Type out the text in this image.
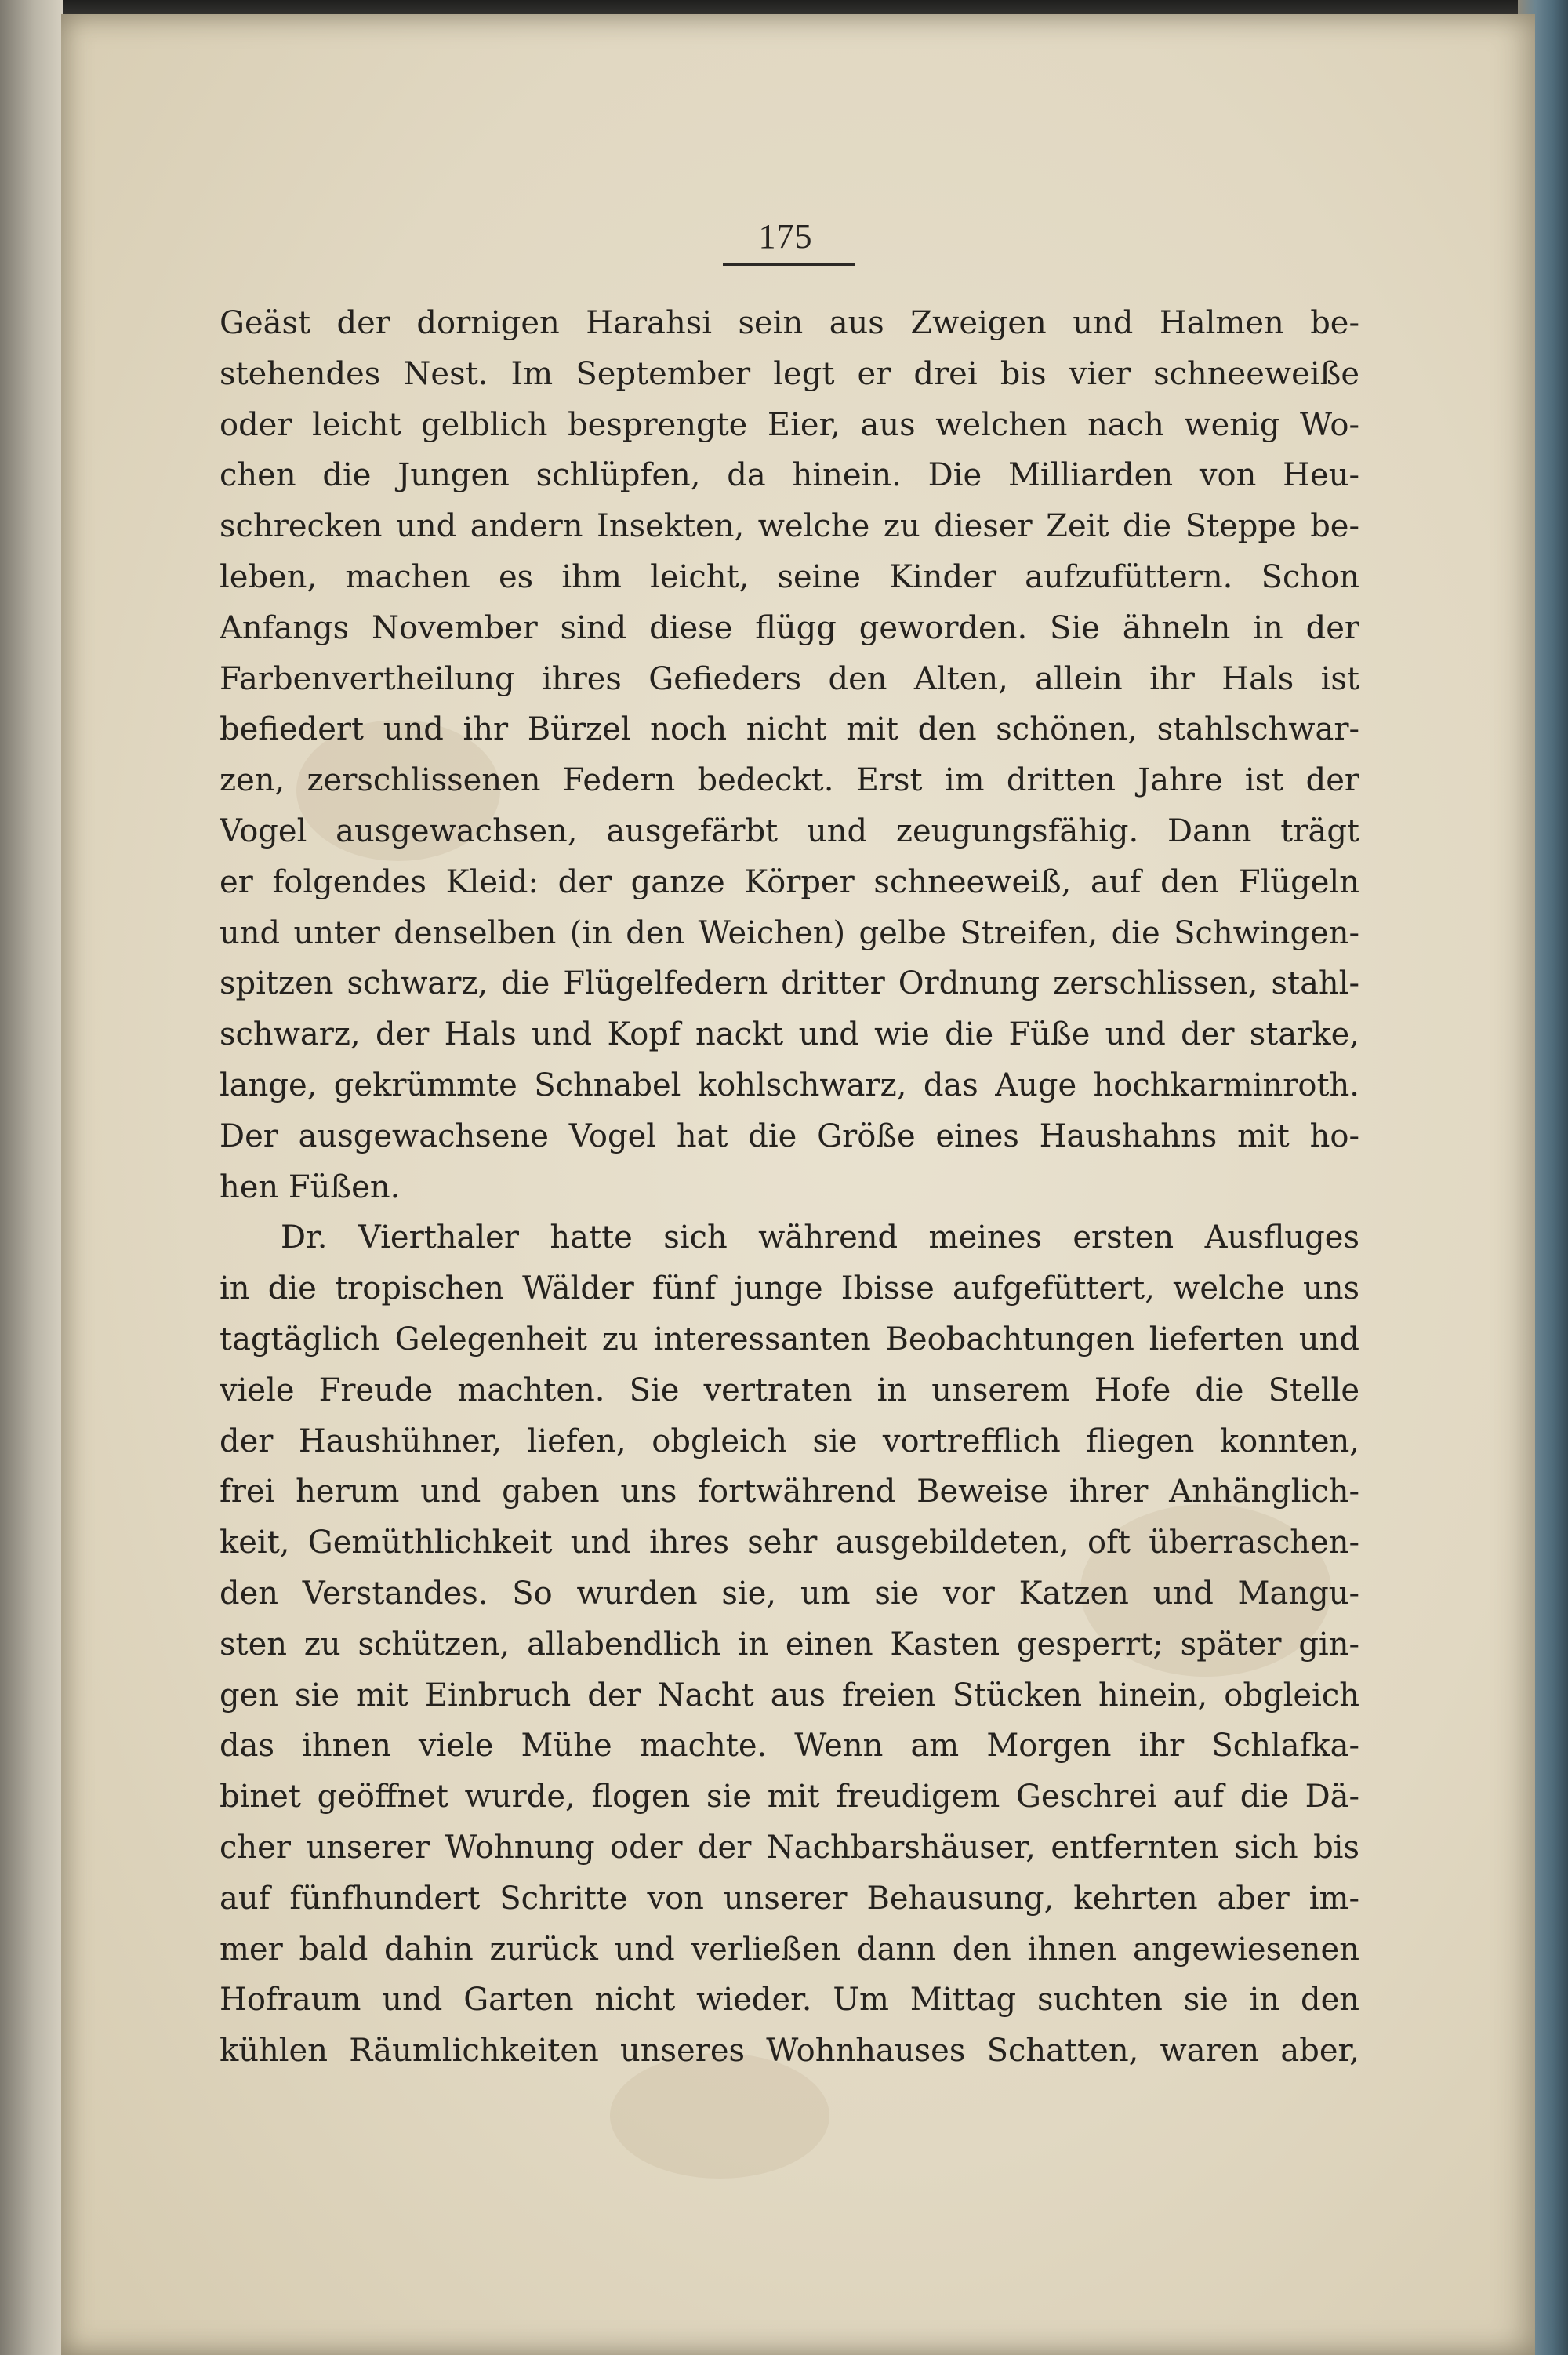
175
Geäst der dornigen Harahsi sein aus Zweigen und Halmen be-
stehendes Nest. Im September legt er drei bis vier schneeweiße
oder leicht gelblich besprengte Eier, aus welchen nach wenig Wo-
chen die Jungen schlüpfen, da hinein. Die Milliarden von Heu-
schrecken und andern Insekten, welche zu dieser Zeit die Steppe be-
leben, machen es ihm leicht, seine Kinder aufzufüttern. Schon
Anfangs November sind diese flügg geworden. Sie ähneln in der
Farbenvertheilung ihres Gefieders den Alten, allein ihr Hals ist
befiedert und ihr Bürzel noch nicht mit den schönen, stahlschwar-
zen, zerschlissenen Federn bedeckt. Erst im dritten Jahre ist der
Vogel ausgewachsen, ausgefärbt und zeugungsfähig. Dann trägt
er folgendes Kleid: der ganze Körper schneeweiß, auf den Flügeln
und unter denselben (in den Weichen) gelbe Streifen, die Schwingen-
spitzen schwarz, die Flügelfedern dritter Ordnung zerschlissen, stahl-
schwarz, der Hals und Kopf nackt und wie die Füße und der starke,
lange, gekrümmte Schnabel kohlschwarz, das Auge hochkarminroth.
Der ausgewachsene Vogel hat die Größe eines Haushahns mit ho-
hen Füßen.
Dr. Vierthaler hatte sich während meines ersten Ausfluges
in die tropischen Wälder fünf junge Ibisse aufgefüttert, welche uns
tagtäglich Gelegenheit zu interessanten Beobachtungen lieferten und
viele Freude machten. Sie vertraten in unserem Hofe die Stelle
der Haushühner, liefen, obgleich sie vortrefflich fliegen konnten,
frei herum und gaben uns fortwährend Beweise ihrer Anhänglich-
keit, Gemüthlichkeit und ihres sehr ausgebildeten, oft überraschen-
den Verstandes. So wurden sie, um sie vor Katzen und Mangu-
sten zu schützen, allabendlich in einen Kasten gesperrt; später gin-
gen sie mit Einbruch der Nacht aus freien Stücken hinein, obgleich
das ihnen viele Mühe machte. Wenn am Morgen ihr Schlafka-
binet geöffnet wurde, flogen sie mit freudigem Geschrei auf die Dä-
cher unserer Wohnung oder der Nachbarshäuser, entfernten sich bis
auf fünfhundert Schritte von unserer Behausung, kehrten aber im-
mer bald dahin zurück und verließen dann den ihnen angewiesenen
Hofraum und Garten nicht wieder. Um Mittag suchten sie in den
kühlen Räumlichkeiten unseres Wohnhauses Schatten, waren aber,
